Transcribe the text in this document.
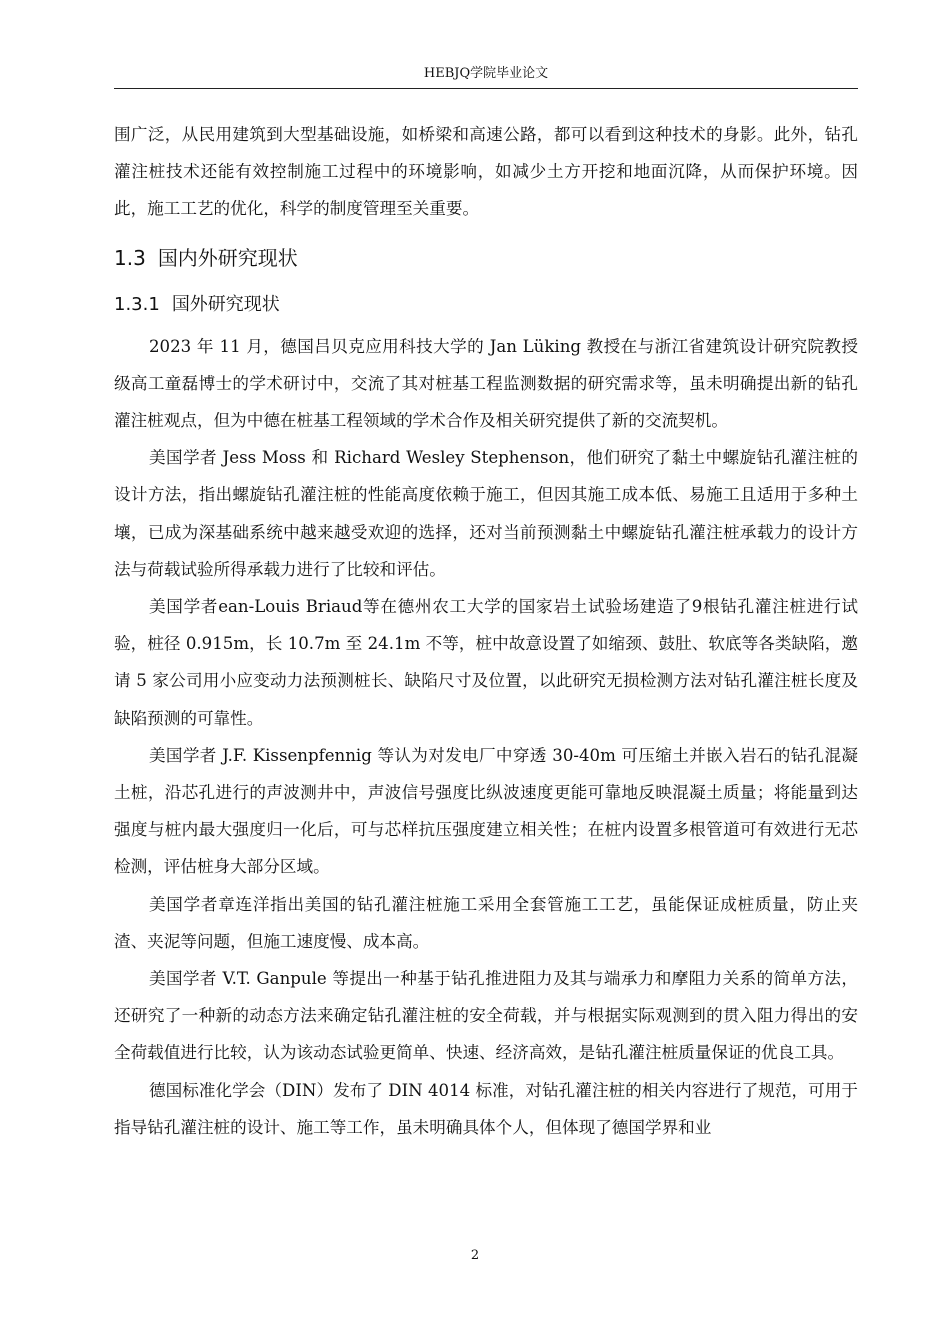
HEBJQ学院毕业论文

围广泛，从民用建筑到大型基础设施，如桥梁和高速公路，都可以看到这种技术的身影。此外，钻孔灌注桩技术还能有效控制施工过程中的环境影响，如减少土方开挖和地面沉降，从而保护环境。因此，施工工艺的优化，科学的制度管理至关重要。

1.3 国内外研究现状
1.3.1 国外研究现状

2023 年 11 月，德国吕贝克应用科技大学的 Jan Lüking 教授在与浙江省建筑设计研究院教授级高工童磊博士的学术研讨中，交流了其对桩基工程监测数据的研究需求等，虽未明确提出新的钻孔灌注桩观点，但为中德在桩基工程领域的学术合作及相关研究提供了新的交流契机。

美国学者 Jess Moss 和 Richard Wesley Stephenson，他们研究了黏土中螺旋钻孔灌注桩的设计方法，指出螺旋钻孔灌注桩的性能高度依赖于施工，但因其施工成本低、易施工且适用于多种土壤，已成为深基础系统中越来越受欢迎的选择，还对当前预测黏土中螺旋钻孔灌注桩承载力的设计方法与荷载试验所得承载力进行了比较和评估。

美国学者ean-Louis Briaud等在德州农工大学的国家岩土试验场建造了9根钻孔灌注桩进行试验，桩径 0.915m，长 10.7m 至 24.1m 不等，桩中故意设置了如缩颈、鼓肚、软底等各类缺陷，邀请 5 家公司用小应变动力法预测桩长、缺陷尺寸及位置，以此研究无损检测方法对钻孔灌注桩长度及缺陷预测的可靠性。

美国学者 J.F. Kissenpfennig 等认为对发电厂中穿透 30-40m 可压缩土并嵌入岩石的钻孔混凝土桩，沿芯孔进行的声波测井中，声波信号强度比纵波速度更能可靠地反映混凝土质量；将能量到达强度与桩内最大强度归一化后，可与芯样抗压强度建立相关性；在桩内设置多根管道可有效进行无芯检测，评估桩身大部分区域。

美国学者章连洋指出美国的钻孔灌注桩施工采用全套管施工工艺，虽能保证成桩质量，防止夹渣、夹泥等问题，但施工速度慢、成本高。

美国学者 V.T. Ganpule 等提出一种基于钻孔推进阻力及其与端承力和摩阻力关系的简单方法，还研究了一种新的动态方法来确定钻孔灌注桩的安全荷载，并与根据实际观测到的贯入阻力得出的安全荷载值进行比较，认为该动态试验更简单、快速、经济高效，是钻孔灌注桩质量保证的优良工具。

德国标准化学会（DIN）发布了 DIN 4014 标准，对钻孔灌注桩的相关内容进行了规范，可用于指导钻孔灌注桩的设计、施工等工作，虽未明确具体个人，但体现了德国学界和业

2
